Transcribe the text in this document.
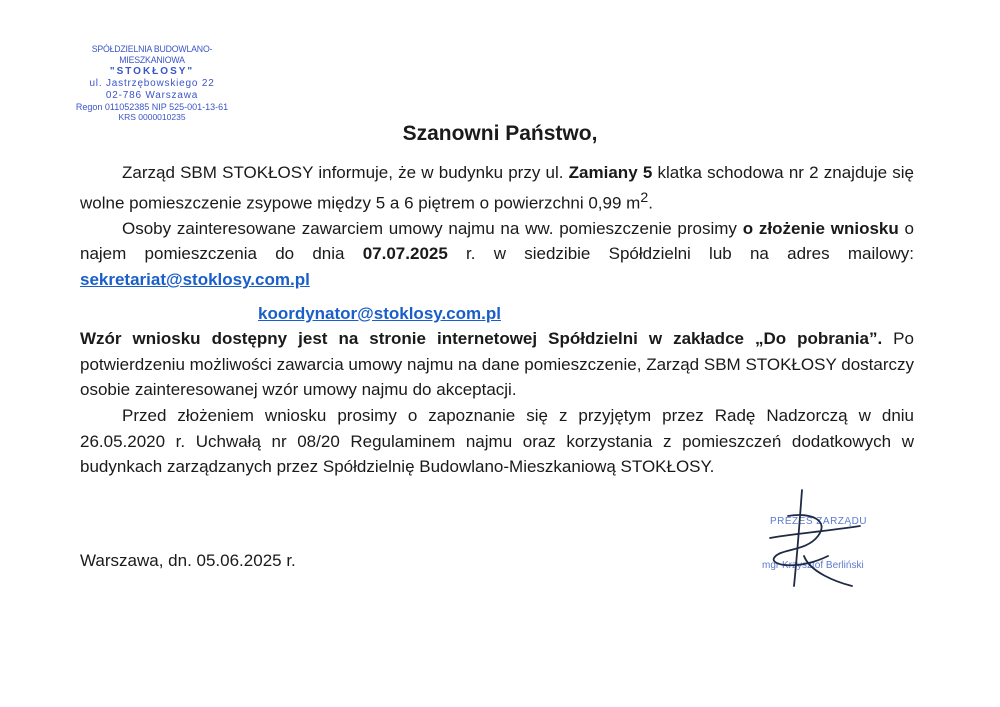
SPÓŁDZIELNIA BUDOWLANO-MIESZKANIOWA
"STOKŁOSY"
ul. Jastrzębowskiego 22
02-786 Warszawa
Regon 011052385 NIP 525-001-13-61
KRS 0000010235
Szanowni Państwo,

Zarząd SBM STOKŁOSY informuje, że w budynku przy ul. Zamiany 5 klatka schodowa nr 2 znajduje się wolne pomieszczenie zsypowe między 5 a 6 piętrem o powierzchni 0,99 $m^2$.

Osoby zainteresowane zawarciem umowy najmu na ww. pomieszczenie prosimy o złożenie wniosku o najem pomieszczenia do dnia 07.07.2025 r. w siedzibie Spółdzielni lub na adres mailowy: sekretariat@stoklosy.com.pl
koordynator@stoklosy.com.pl

Wzór wniosku dostępny jest na stronie internetowej Spółdzielni w zakładce „Do pobrania”. Po potwierdzeniu możliwości zawarcia umowy najmu na dane pomieszczenie, Zarząd SBM STOKŁOSY dostarczy osobie zainteresowanej wzór umowy najmu do akceptacji.

Przed złożeniem wniosku prosimy o zapoznanie się z przyjętym przez Radę Nadzorczą w dniu 26.05.2020 r. Uchwałą nr 08/20 Regulaminem najmu oraz korzystania z pomieszczeń dodatkowych w budynkach zarządzanych przez Spółdzielnię Budowlano-Mieszkaniową STOKŁOSY.

Warszawa, dn. 05.06.2025 r.
PREZES ZARZĄDU
mgr Krzysztof Berliński
